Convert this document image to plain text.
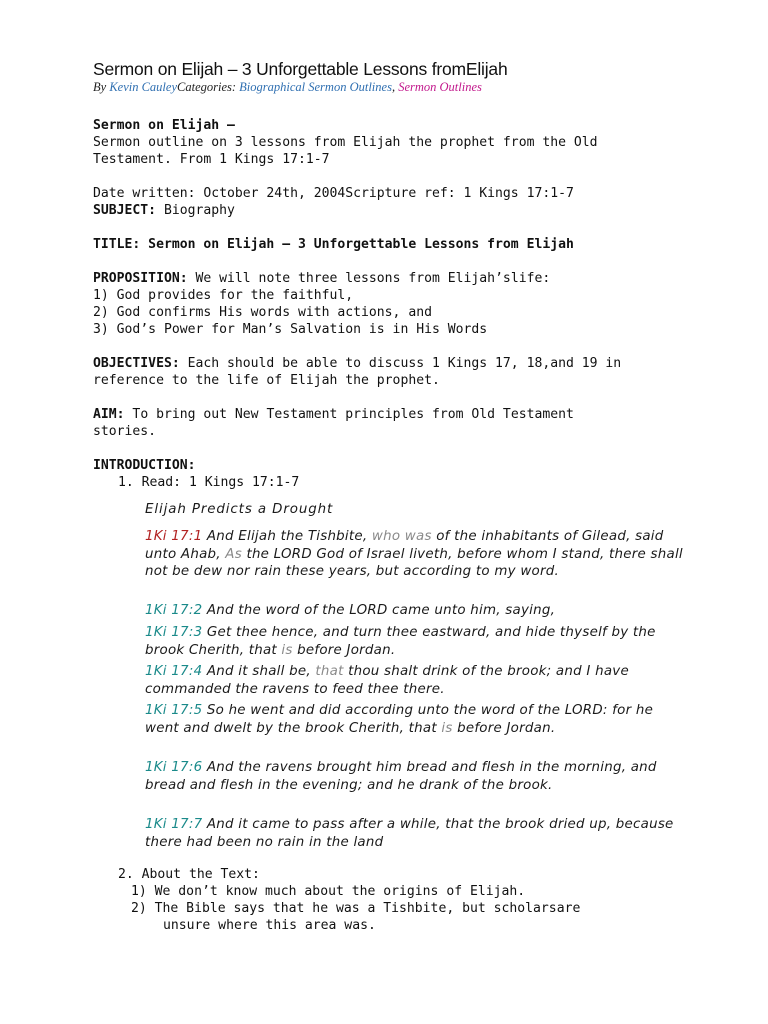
Sermon on Elijah – 3 Unforgettable Lessons fromElijah
By Kevin CauleyCategories: Biographical Sermon Outlines, Sermon Outlines
Sermon on Elijah –
Sermon outline on 3 lessons from Elijah the prophet from the Old
Testament. From 1 Kings 17:1-7
Date written: October 24th, 2004Scripture ref: 1 Kings 17:1-7
SUBJECT: Biography
TITLE: Sermon on Elijah – 3 Unforgettable Lessons from Elijah
PROPOSITION: We will note three lessons from Elijah’slife:
1) God provides for the faithful,
2) God confirms His words with actions, and
3) God’s Power for Man’s Salvation is in His Words
OBJECTIVES: Each should be able to discuss 1 Kings 17, 18,and 19 in
reference to the life of Elijah the prophet.
AIM: To bring out New Testament principles from Old Testament
stories.
INTRODUCTION:
1. Read: 1 Kings 17:1-7
Elijah Predicts a Drought
1Ki 17:1 And Elijah the Tishbite, who was of the inhabitants of Gilead, said unto Ahab, As the LORD God of Israel liveth, before whom I stand, there shall not be dew nor rain these years, but according to my word.
1Ki 17:2 And the word of the LORD came unto him, saying,
1Ki 17:3 Get thee hence, and turn thee eastward, and hide thyself by the brook Cherith, that is before Jordan.
1Ki 17:4 And it shall be, that thou shalt drink of the brook; and I have commanded the ravens to feed thee there.
1Ki 17:5 So he went and did according unto the word of the LORD: for he went and dwelt by the brook Cherith, that is before Jordan.
1Ki 17:6 And the ravens brought him bread and flesh in the morning, and bread and flesh in the evening; and he drank of the brook.
1Ki 17:7 And it came to pass after a while, that the brook dried up, because there had been no rain in the land
2. About the Text:
1) We don’t know much about the origins of Elijah.
2) The Bible says that he was a Tishbite, but scholarsare
unsure where this area was.
